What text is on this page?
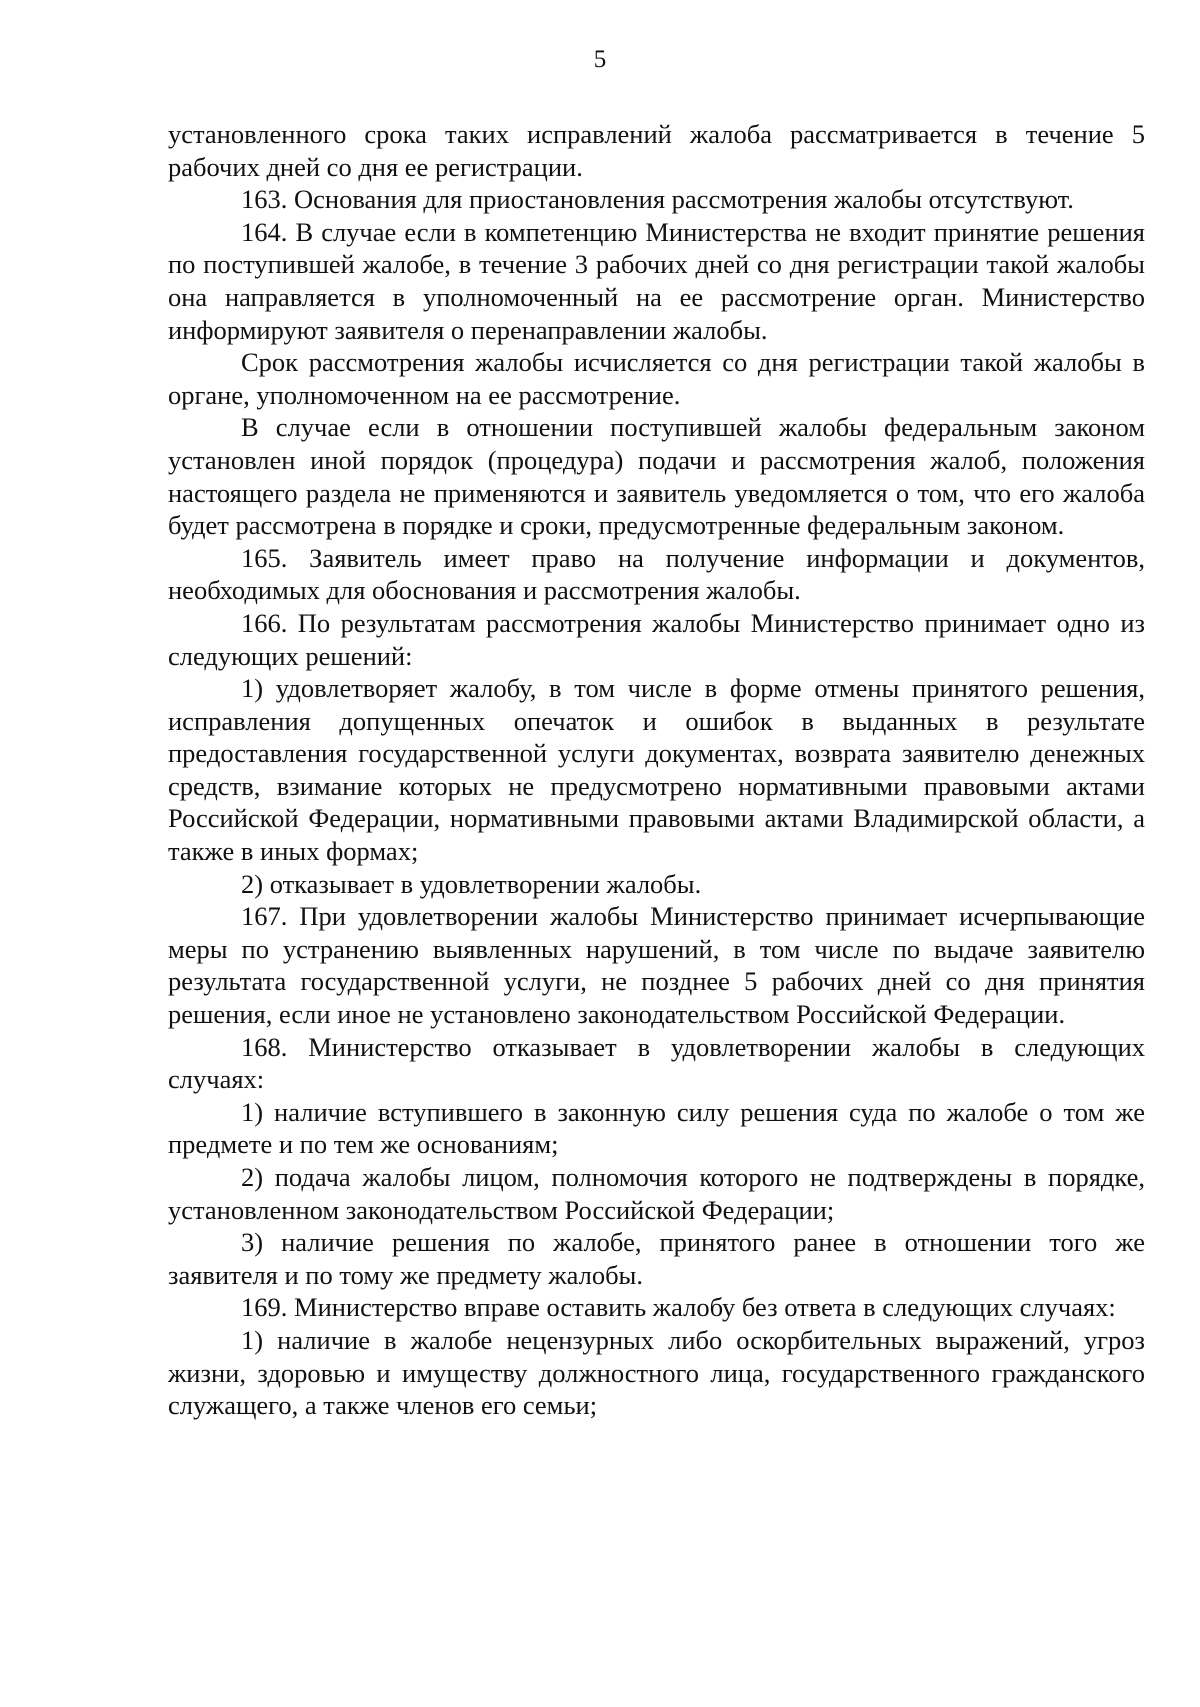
5

установленного срока таких исправлений жалоба рассматривается в течение 5 рабочих дней со дня ее регистрации.

163. Основания для приостановления рассмотрения жалобы отсутствуют.

164. В случае если в компетенцию Министерства не входит принятие решения по поступившей жалобе, в течение 3 рабочих дней со дня регистрации такой жалобы она направляется в уполномоченный на ее рассмотрение орган. Министерство информируют заявителя о перенаправлении жалобы.

Срок рассмотрения жалобы исчисляется со дня регистрации такой жалобы в органе, уполномоченном на ее рассмотрение.

В случае если в отношении поступившей жалобы федеральным законом установлен иной порядок (процедура) подачи и рассмотрения жалоб, положения настоящего раздела не применяются и заявитель уведомляется о том, что его жалоба будет рассмотрена в порядке и сроки, предусмотренные федеральным законом.

165. Заявитель имеет право на получение информации и документов, необходимых для обоснования и рассмотрения жалобы.

166. По результатам рассмотрения жалобы Министерство принимает одно из следующих решений:

1) удовлетворяет жалобу, в том числе в форме отмены принятого решения, исправления допущенных опечаток и ошибок в выданных в результате предоставления государственной услуги документах, возврата заявителю денежных средств, взимание которых не предусмотрено нормативными правовыми актами Российской Федерации, нормативными правовыми актами Владимирской области, а также в иных формах;

2) отказывает в удовлетворении жалобы.

167. При удовлетворении жалобы Министерство принимает исчерпывающие меры по устранению выявленных нарушений, в том числе по выдаче заявителю результата государственной услуги, не позднее 5 рабочих дней со дня принятия решения, если иное не установлено законодательством Российской Федерации.

168. Министерство отказывает в удовлетворении жалобы в следующих случаях:

1) наличие вступившего в законную силу решения суда по жалобе о том же предмете и по тем же основаниям;

2) подача жалобы лицом, полномочия которого не подтверждены в порядке, установленном законодательством Российской Федерации;

3) наличие решения по жалобе, принятого ранее в отношении того же заявителя и по тому же предмету жалобы.

169. Министерство вправе оставить жалобу без ответа в следующих случаях:

1) наличие в жалобе нецензурных либо оскорбительных выражений, угроз жизни, здоровью и имуществу должностного лица, государственного гражданского служащего, а также членов его семьи;
